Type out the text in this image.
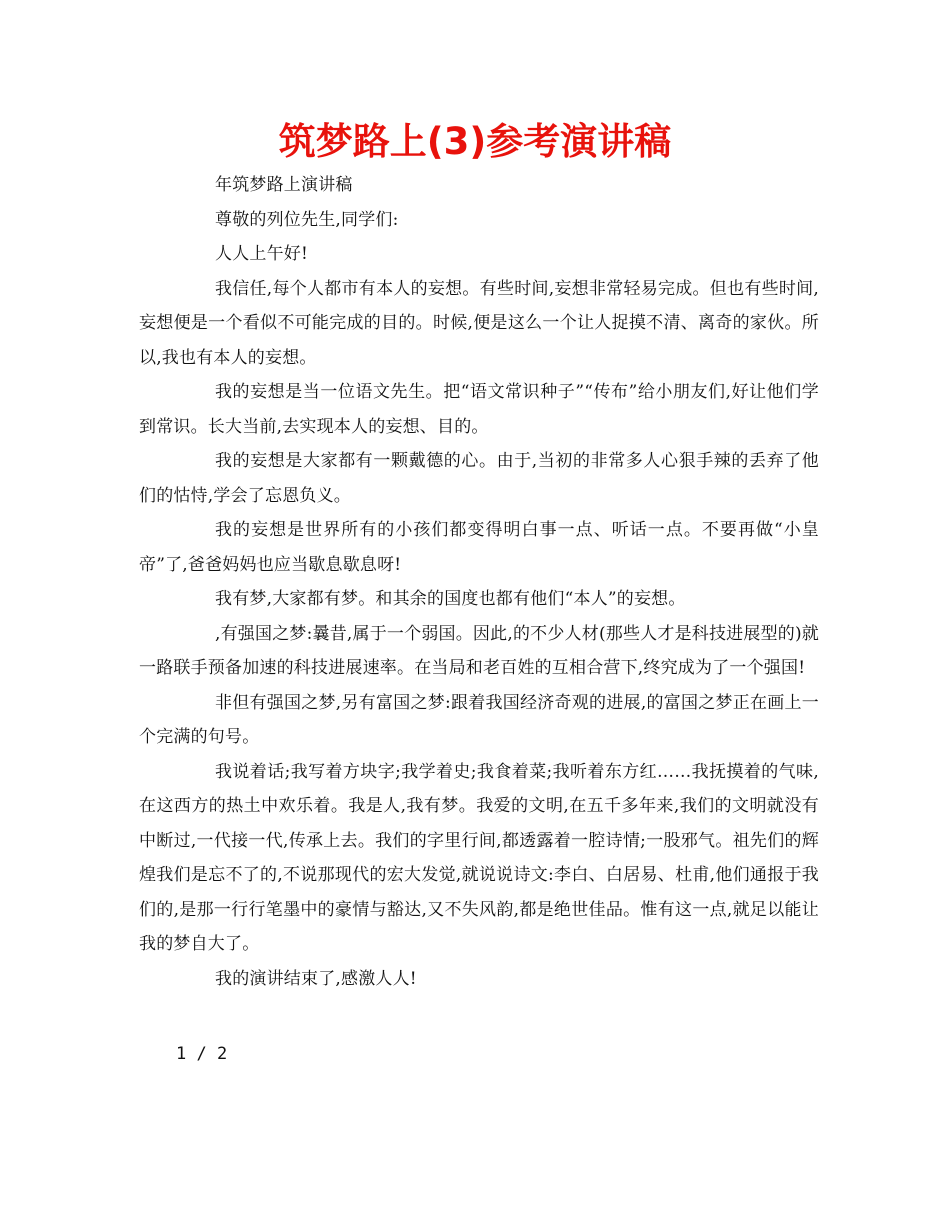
筑梦路上(3)参考演讲稿

年筑梦路上演讲稿

尊敬的列位先生,同学们:

人人上午好!

我信任,每个人都市有本人的妄想。有些时间,妄想非常轻易完成。但也有些时间,妄想便是一个看似不可能完成的目的。时候,便是这么一个让人捉摸不清、离奇的家伙。所以,我也有本人的妄想。

我的妄想是当一位语文先生。把“语文常识种子”“传布”给小朋友们,好让他们学到常识。长大当前,去实现本人的妄想、目的。

我的妄想是大家都有一颗戴德的心。由于,当初的非常多人心狠手辣的丢弃了他们的怙恃,学会了忘恩负义。

我的妄想是世界所有的小孩们都变得明白事一点、听话一点。不要再做“小皇帝”了,爸爸妈妈也应当歇息歇息呀!

我有梦,大家都有梦。和其余的国度也都有他们“本人”的妄想。

,有强国之梦:曩昔,属于一个弱国。因此,的不少人材(那些人才是科技进展型的)就一路联手预备加速的科技进展速率。在当局和老百姓的互相合营下,终究成为了一个强国!

非但有强国之梦,另有富国之梦:跟着我国经济奇观的进展,的富国之梦正在画上一个完满的句号。

我说着话;我写着方块字;我学着史;我食着菜;我听着东方红……我抚摸着的气味,在这西方的热土中欢乐着。我是人,我有梦。我爱的文明,在五千多年来,我们的文明就没有中断过,一代接一代,传承上去。我们的字里行间,都透露着一腔诗情;一股邪气。祖先们的辉煌我们是忘不了的,不说那现代的宏大发觉,就说说诗文:李白、白居易、杜甫,他们通报于我们的,是那一行行笔墨中的豪情与豁达,又不失风韵,都是绝世佳品。惟有这一点,就足以能让我的梦自大了。

我的演讲结束了,感激人人!

1 / 2
